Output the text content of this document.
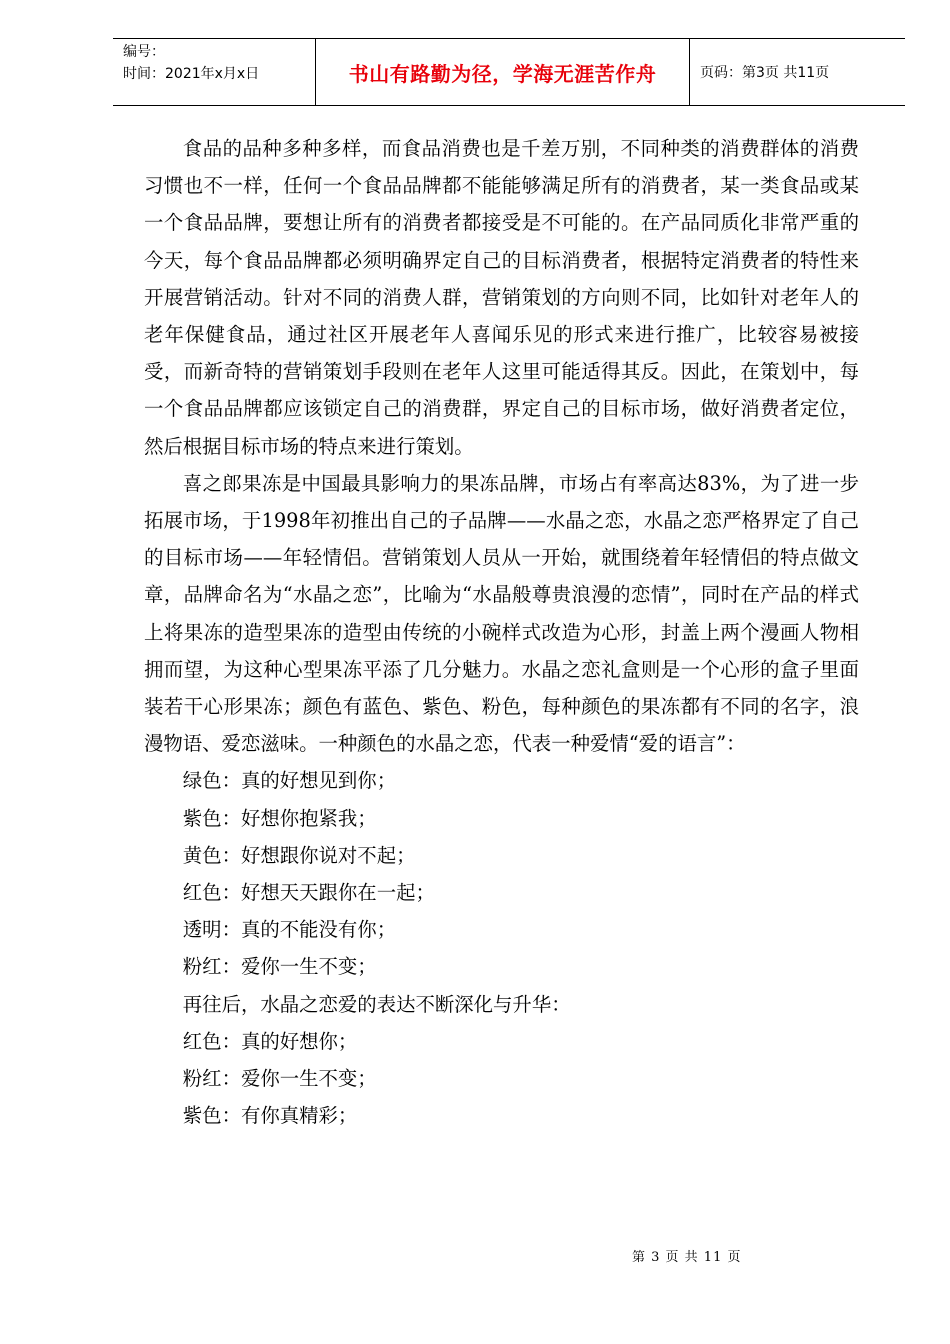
编号：
时间：2021年x月x日	书山有路勤为径，学海无涯苦作舟	页码：第3页 共11页

食品的品种多种多样，而食品消费也是千差万别，不同种类的消费群体的消费习惯也不一样，任何一个食品品牌都不能能够满足所有的消费者，某一类食品或某一个食品品牌，要想让所有的消费者都接受是不可能的。在产品同质化非常严重的今天，每个食品品牌都必须明确界定自己的目标消费者，根据特定消费者的特性来开展营销活动。针对不同的消费人群，营销策划的方向则不同，比如针对老年人的老年保健食品，通过社区开展老年人喜闻乐见的形式来进行推广，比较容易被接受，而新奇特的营销策划手段则在老年人这里可能适得其反。因此，在策划中，每一个食品品牌都应该锁定自己的消费群，界定自己的目标市场，做好消费者定位，然后根据目标市场的特点来进行策划。

喜之郎果冻是中国最具影响力的果冻品牌，市场占有率高达83%，为了进一步拓展市场，于1998年初推出自己的子品牌——水晶之恋，水晶之恋严格界定了自己的目标市场——年轻情侣。营销策划人员从一开始，就围绕着年轻情侣的特点做文章，品牌命名为“水晶之恋”，比喻为“水晶般尊贵浪漫的恋情”，同时在产品的样式上将果冻的造型果冻的造型由传统的小碗样式改造为心形，封盖上两个漫画人物相拥而望，为这种心型果冻平添了几分魅力。水晶之恋礼盒则是一个心形的盒子里面装若干心形果冻；颜色有蓝色、紫色、粉色，每种颜色的果冻都有不同的名字，浪漫物语、爱恋滋味。一种颜色的水晶之恋，代表一种爱情“爱的语言”：

绿色：真的好想见到你；

紫色：好想你抱紧我；

黄色：好想跟你说对不起；

红色：好想天天跟你在一起；

透明：真的不能没有你；

粉红：爱你一生不变；

再往后，水晶之恋爱的表达不断深化与升华：

红色：真的好想你；

粉红：爱你一生不变；

紫色：有你真精彩；

第 3 页 共 11 页
